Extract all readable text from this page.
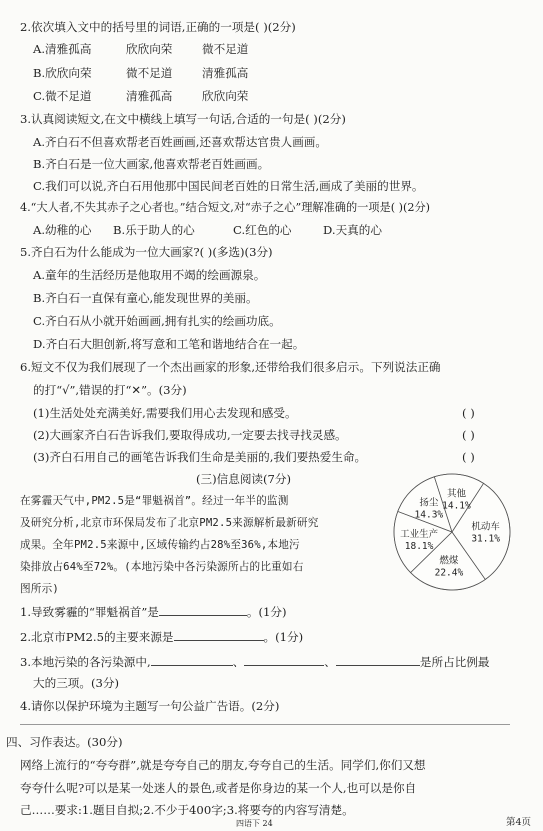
2.依次填入文中的括号里的词语,正确的一项是( )(2分)
A.清雅孤高	欣欣向荣	微不足道
B.欣欣向荣	微不足道	清雅孤高
C.微不足道	清雅孤高	欣欣向荣
3.认真阅读短文,在文中横线上填写一句话,合适的一句是( )(2分)
A.齐白石不但喜欢帮老百姓画画,还喜欢帮达官贵人画画。
B.齐白石是一位大画家,他喜欢帮老百姓画画。
C.我们可以说,齐白石用他那中国民间老百姓的日常生活,画成了美丽的世界。
4.“大人者,不失其赤子之心者也。”结合短文,对“赤子之心”理解准确的一项是( )(2分)
A.幼稚的心 B.乐于助人的心	C.红色的心	D.天真的心
5.齐白石为什么能成为一位大画家?( )(多选)(3分)
A.童年的生活经历是他取用不竭的绘画源泉。
B.齐白石一直保有童心,能发现世界的美丽。
C.齐白石从小就开始画画,拥有扎实的绘画功底。
D.齐白石大胆创新,将写意和工笔和谐地结合在一起。
6.短文不仅为我们展现了一个杰出画家的形象,还带给我们很多启示。下列说法正确
的打“√”,错误的打“✕”。(3分)
(1)生活处处充满美好,需要我们用心去发现和感受。	( )
(2)大画家齐白石告诉我们,要取得成功,一定要去找寻找灵感。	( )
(3)齐白石用自己的画笔告诉我们生命是美丽的,我们要热爱生命。	( )
(三)信息阅读(7分)
在雾霾天气中,PM2.5是“罪魁祸首”。经过一年半的监测
及研究分析,北京市环保局发布了北京PM2.5来源解析最新研究
成果。全年PM2.5来源中,区域传输约占28%至36%,本地污
染排放占64%至72%。(本地污染中各污染源所占的比重如右
图所示)
其他
14.1%
机动车
31.1%
燃煤
22.4%
工业生产
18.1%
扬尘
14.3%
1.导致雾霾的“罪魁祸首”是	。(1分)
2.北京市PM2.5的主要来源是	。(1分)
3.本地污染的各污染源中,	、	、	是所占比例最
大的三项。(3分)
4.请你以保护环境为主题写一句公益广告语。(2分)
四、习作表达。(30分)
网络上流行的“夸夸群”,就是夸夸自己的朋友,夸夸自己的生活。同学们,你们又想
夸夸什么呢?可以是某一处迷人的景色,或者是你身边的某一个人,也可以是你自
己……要求:1.题目自拟;2.不少于400字;3.将要夸的内容写清楚。
四语下 24	第4页
